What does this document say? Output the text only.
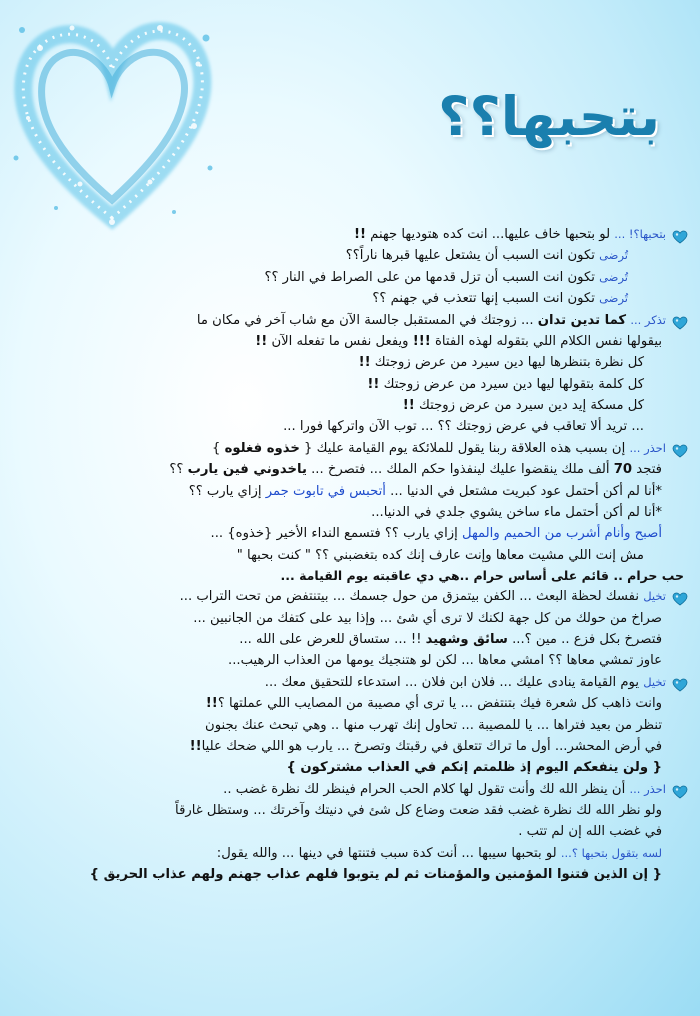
بتحبها؟؟
بتحبها؟! ... لو بتحبها خاف عليها... انت كده هتوديها جهنم !!
تُرضى تكون انت السبب أن يشتعل عليها قبرها ناراً؟؟
تُرضى تكون انت السبب أن تزل قدمها من على الصراط في النار ؟؟
تُرضى تكون انت السبب إنها تتعذب في جهنم ؟؟
تذكر ... كما تدين تدان ... زوجتك في المستقبل جالسة الآن مع شاب آخر في مكان ما
بيقولها نفس الكلام اللي بتقوله لهذه الفتاة !!! ويفعل نفس ما تفعله الآن !!
كل نظرة بتنظرها ليها دين سيرد من عرض زوجتك !!
كل كلمة بتقولها ليها دين سيرد من عرض زوجتك !!
كل مسكة إيد دين سيرد من عرض زوجتك !!
... تريد ألا تعاقب في عرض زوجتك ؟؟ ... توب الآن واتركها فورا ...
احذر ... إن بسبب هذه العلاقة ربنا يقول للملائكة يوم القيامة عليك { خذوه فغلوه }
فتجد 70 ألف ملك ينقضوا عليك لينفذوا حكم الملك ... فتصرخ ... ياخدوني فين يارب ؟؟
*أنا لم أكن أحتمل عود كبريت مشتعل في الدنيا ... أتحبس في تابوت جمر إزاي يارب ؟؟
*أنا لم أكن أحتمل ماء ساخن يشوي جلدي في الدنيا...
أصبح وأنام أشرب من الحميم والمهل إزاي يارب ؟؟ فتسمع النداء الأخير {خذوه} ...
مش إنت اللي مشيت معاها وإنت عارف إنك كده بتغضبني ؟؟ " كنت بحبها "
حب حرام .. قائم على أساس حرام ..هي دي عاقبته يوم القيامة ...
تخيل نفسك لحظة البعث ... الكفن بيتمزق من حول جسمك ... بيتنتفض من تحت التراب ...
صراخ من حولك من كل جهة لكنك لا ترى أي شئ ... وإذا بيد على كتفك من الجانبين ...
فتصرخ بكل فزع .. مين ؟... سائق وشهيد !! ... ستساق للعرض على الله ...
عاوز تمشي معاها ؟؟ امشي معاها ... لكن لو هتنجيك يومها من العذاب الرهيب...
تخيل يوم القيامة ينادى عليك ... فلان ابن فلان ... استدعاء للتحقيق معك ...
وانت ذاهب كل شعرة فيك بتنتفض ... يا ترى أي مصيبة من المصايب اللي عملتها ؟!!
تنظر من بعيد فتراها ... يا للمصيبة ... تحاول إنك تهرب منها .. وهي تبحث عنك بجنون
في أرض المحشر... أول ما تراك تتعلق في رقبتك وتصرخ ... يارب هو اللي ضحك عليا!!
{ ولن ينفعكم اليوم إذ ظلمتم إنكم في العذاب مشتركون }
احذر ... أن ينظر الله لك وأنت تقول لها كلام الحب الحرام فينظر لك نظرة غضب ..
ولو نظر الله لك نظرة غضب فقد ضعت وضاع كل شئ في دنيتك وآخرتك ... وستظل غارقاً
في غضب الله إن لم تتب .
لسه بتقول بتحبها ؟... لو بتحبها سيبها ... أنت كدة سبب فتنتها في دينها ... والله يقول:
{ إن الذين فتنوا المؤمنين والمؤمنات ثم لم يتوبوا فلهم عذاب جهنم ولهم عذاب الحريق }
